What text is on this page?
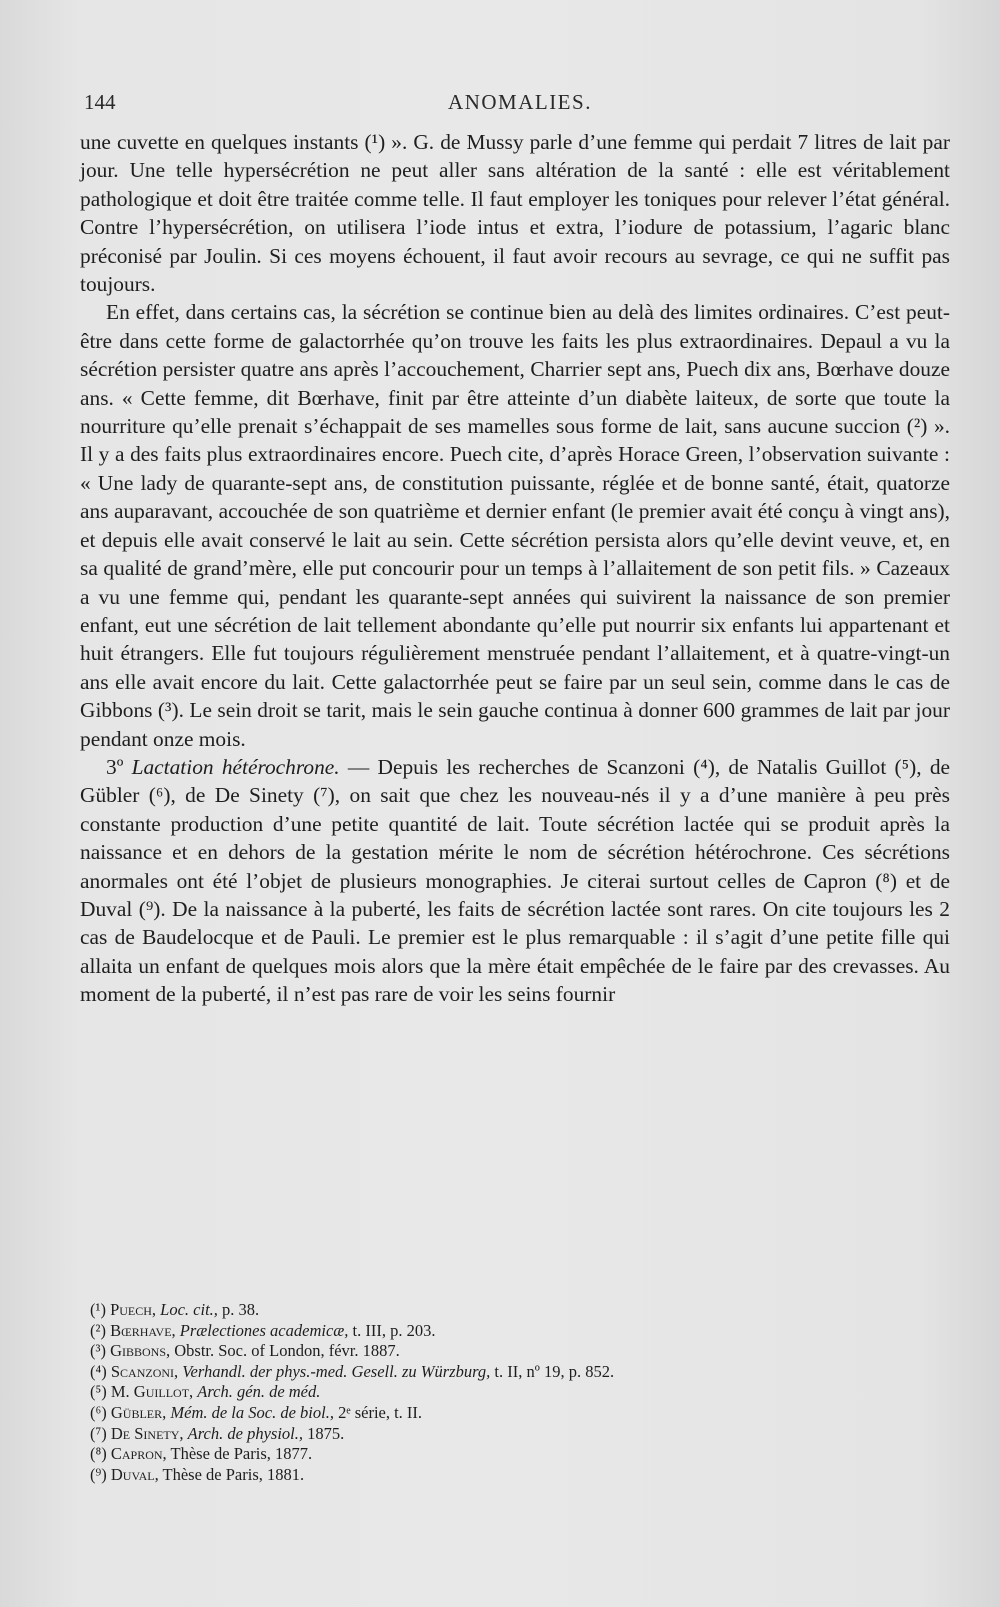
144	ANOMALIES.

une cuvette en quelques instants (¹) ». G. de Mussy parle d’une femme qui perdait 7 litres de lait par jour. Une telle hypersécrétion ne peut aller sans altération de la santé : elle est véritablement pathologique et doit être traitée comme telle. Il faut employer les toniques pour relever l’état général. Contre l’hypersécrétion, on utilisera l’iode intus et extra, l’iodure de potassium, l’agaric blanc préconisé par Joulin. Si ces moyens échouent, il faut avoir recours au sevrage, ce qui ne suffit pas toujours.

En effet, dans certains cas, la sécrétion se continue bien au delà des limites ordinaires. C’est peut-être dans cette forme de galactorrhée qu’on trouve les faits les plus extraordinaires. Depaul a vu la sécrétion persister quatre ans après l’accouchement, Charrier sept ans, Puech dix ans, Bœrhave douze ans. « Cette femme, dit Bœrhave, finit par être atteinte d’un diabète laiteux, de sorte que toute la nourriture qu’elle prenait s’échappait de ses mamelles sous forme de lait, sans aucune succion (²) ». Il y a des faits plus extraordinaires encore. Puech cite, d’après Horace Green, l’observation suivante : « Une lady de quarante-sept ans, de constitution puissante, réglée et de bonne santé, était, quatorze ans auparavant, accouchée de son quatrième et dernier enfant (le premier avait été conçu à vingt ans), et depuis elle avait conservé le lait au sein. Cette sécrétion persista alors qu’elle devint veuve, et, en sa qualité de grand’mère, elle put concourir pour un temps à l’allaitement de son petit fils. » Cazeaux a vu une femme qui, pendant les quarante-sept années qui suivirent la naissance de son premier enfant, eut une sécrétion de lait tellement abondante qu’elle put nourrir six enfants lui appartenant et huit étrangers. Elle fut toujours régulièrement menstruée pendant l’allaitement, et à quatre-vingt-un ans elle avait encore du lait. Cette galactorrhée peut se faire par un seul sein, comme dans le cas de Gibbons (³). Le sein droit se tarit, mais le sein gauche continua à donner 600 grammes de lait par jour pendant onze mois.

3º Lactation hétérochrone. — Depuis les recherches de Scanzoni (⁴), de Natalis Guillot (⁵), de Gübler (⁶), de De Sinety (⁷), on sait que chez les nouveau-nés il y a d’une manière à peu près constante production d’une petite quantité de lait. Toute sécrétion lactée qui se produit après la naissance et en dehors de la gestation mérite le nom de sécrétion hétérochrone. Ces sécrétions anormales ont été l’objet de plusieurs monographies. Je citerai surtout celles de Capron (⁸) et de Duval (⁹). De la naissance à la puberté, les faits de sécrétion lactée sont rares. On cite toujours les 2 cas de Baudelocque et de Pauli. Le premier est le plus remarquable : il s’agit d’une petite fille qui allaita un enfant de quelques mois alors que la mère était empêchée de le faire par des crevasses. Au moment de la puberté, il n’est pas rare de voir les seins fournir

(¹) Puech, Loc. cit., p. 38.
(²) Bœrhave, Prælectiones academicæ, t. III, p. 203.
(³) Gibbons, Obstr. Soc. of London, févr. 1887.
(⁴) Scanzoni, Verhandl. der phys.-med. Gesell. zu Würzburg, t. II, nº 19, p. 852.
(⁵) M. Guillot, Arch. gén. de méd.
(⁶) Gübler, Mém. de la Soc. de biol., 2ᵉ série, t. II.
(⁷) De Sinety, Arch. de physiol., 1875.
(⁸) Capron, Thèse de Paris, 1877.
(⁹) Duval, Thèse de Paris, 1881.
